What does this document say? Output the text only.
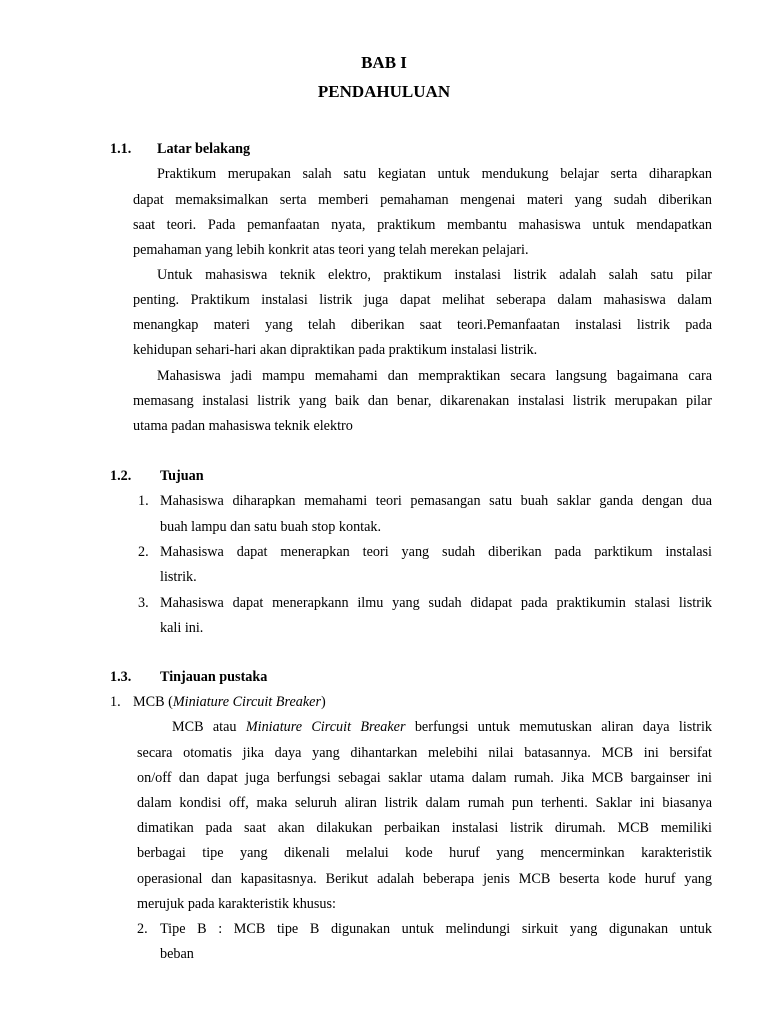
BAB I
PENDAHULUAN
1.1. Latar belakang
Praktikum merupakan salah satu kegiatan untuk mendukung belajar serta diharapkan
dapat memaksimalkan serta memberi pemahaman mengenai materi yang sudah diberikan
saat teori. Pada pemanfaatan nyata, praktikum membantu mahasiswa untuk mendapatkan
pemahaman yang lebih konkrit atas teori yang telah merekan pelajari.
Untuk mahasiswa teknik elektro, praktikum instalasi listrik adalah salah satu pilar
penting. Praktikum instalasi listrik juga dapat melihat seberapa dalam mahasiswa dalam
menangkap materi yang telah diberikan saat teori.Pemanfaatan instalasi listrik pada
kehidupan sehari-hari akan dipraktikan pada praktikum instalasi listrik.
Mahasiswa jadi mampu memahami dan mempraktikan secara langsung bagaimana cara
memasang instalasi listrik yang baik dan benar, dikarenakan instalasi listrik merupakan pilar
utama padan mahasiswa teknik elektro
1.2. Tujuan
1. Mahasiswa diharapkan memahami teori pemasangan satu buah saklar ganda dengan dua
buah lampu dan satu buah stop kontak.
2. Mahasiswa dapat menerapkan teori yang sudah diberikan pada parktikum instalasi
listrik.
3. Mahasiswa dapat menerapkann ilmu yang sudah didapat pada praktikumin stalasi listrik
kali ini.
1.3. Tinjauan pustaka
1. MCB (Miniature Circuit Breaker)
MCB atau Miniature Circuit Breaker berfungsi untuk memutuskan aliran daya listrik
secara otomatis jika daya yang dihantarkan melebihi nilai batasannya. MCB ini bersifat
on/off dan dapat juga berfungsi sebagai saklar utama dalam rumah. Jika MCB bargainser ini
dalam kondisi off, maka seluruh aliran listrik dalam rumah pun terhenti. Saklar ini biasanya
dimatikan pada saat akan dilakukan perbaikan instalasi listrik dirumah. MCB memiliki
berbagai tipe yang dikenali melalui kode huruf yang mencerminkan karakteristik
operasional dan kapasitasnya. Berikut adalah beberapa jenis MCB beserta kode huruf yang
merujuk pada karakteristik khusus:
2. Tipe B : MCB tipe B digunakan untuk melindungi sirkuit yang digunakan untuk
beban
